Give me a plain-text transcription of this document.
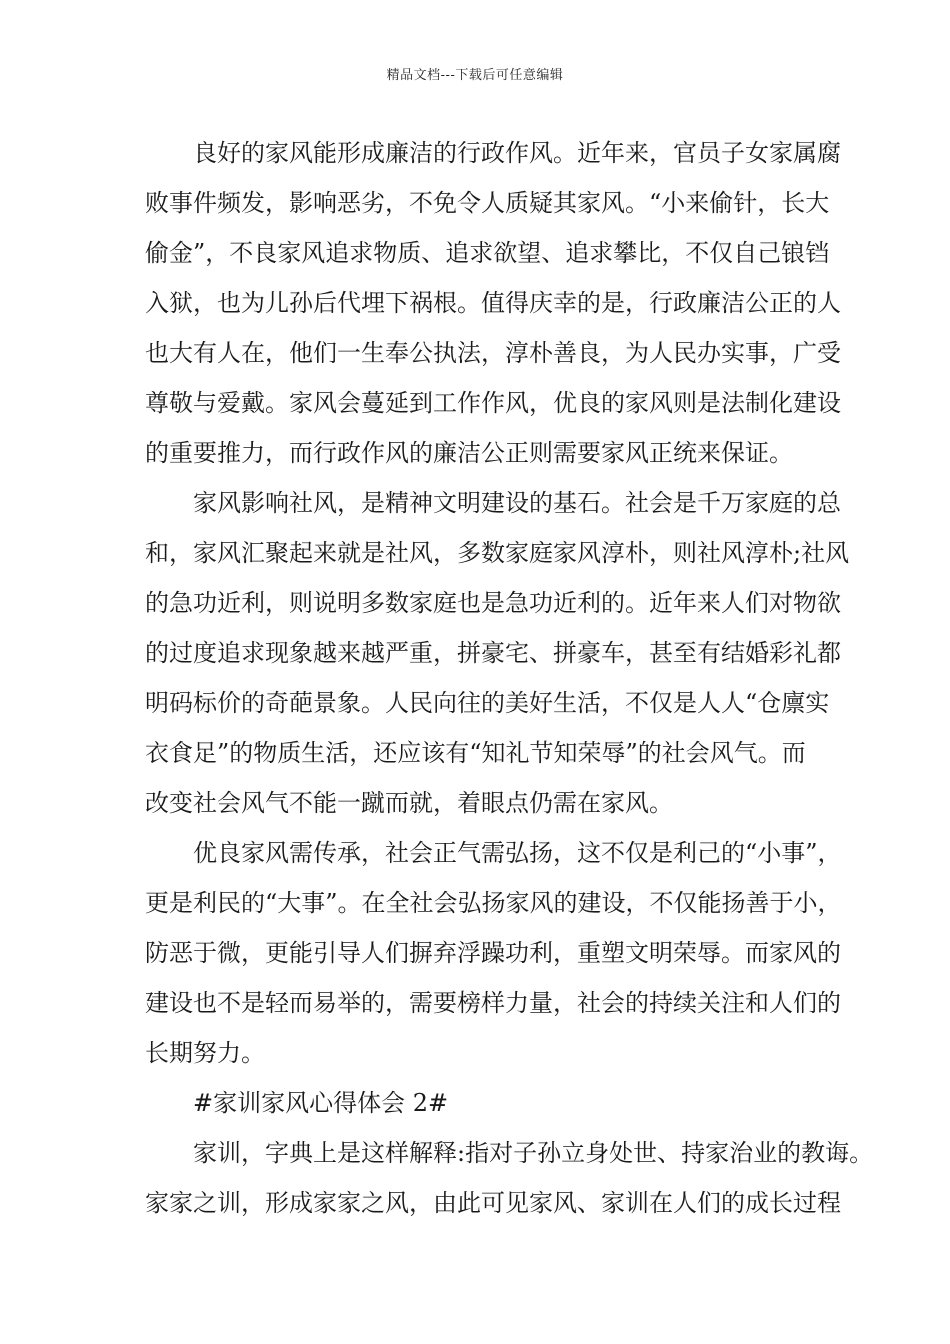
精品文档---下载后可任意编辑
良好的家风能形成廉洁的行政作风。近年来，官员子女家属腐
败事件频发，影响恶劣，不免令人质疑其家风。“小来偷针，长大
偷金”，不良家风追求物质、追求欲望、追求攀比，不仅自己锒铛
入狱，也为儿孙后代埋下祸根。值得庆幸的是，行政廉洁公正的人
也大有人在，他们一生奉公执法，淳朴善良，为人民办实事，广受
尊敬与爱戴。家风会蔓延到工作作风，优良的家风则是法制化建设
的重要推力，而行政作风的廉洁公正则需要家风正统来保证。
家风影响社风，是精神文明建设的基石。社会是千万家庭的总
和，家风汇聚起来就是社风，多数家庭家风淳朴，则社风淳朴;社风
的急功近利，则说明多数家庭也是急功近利的。近年来人们对物欲
的过度追求现象越来越严重，拼豪宅、拼豪车，甚至有结婚彩礼都
明码标价的奇葩景象。人民向往的美好生活，不仅是人人“仓廪实
衣食足”的物质生活，还应该有“知礼节知荣辱”的社会风气。而
改变社会风气不能一蹴而就，着眼点仍需在家风。
优良家风需传承，社会正气需弘扬，这不仅是利己的“小事”，
更是利民的“大事”。在全社会弘扬家风的建设，不仅能扬善于小，
防恶于微，更能引导人们摒弃浮躁功利，重塑文明荣辱。而家风的
建设也不是轻而易举的，需要榜样力量，社会的持续关注和人们的
长期努力。
#家训家风心得体会 2#
家训，字典上是这样解释:指对子孙立身处世、持家治业的教诲。
家家之训，形成家家之风，由此可见家风、家训在人们的成长过程
